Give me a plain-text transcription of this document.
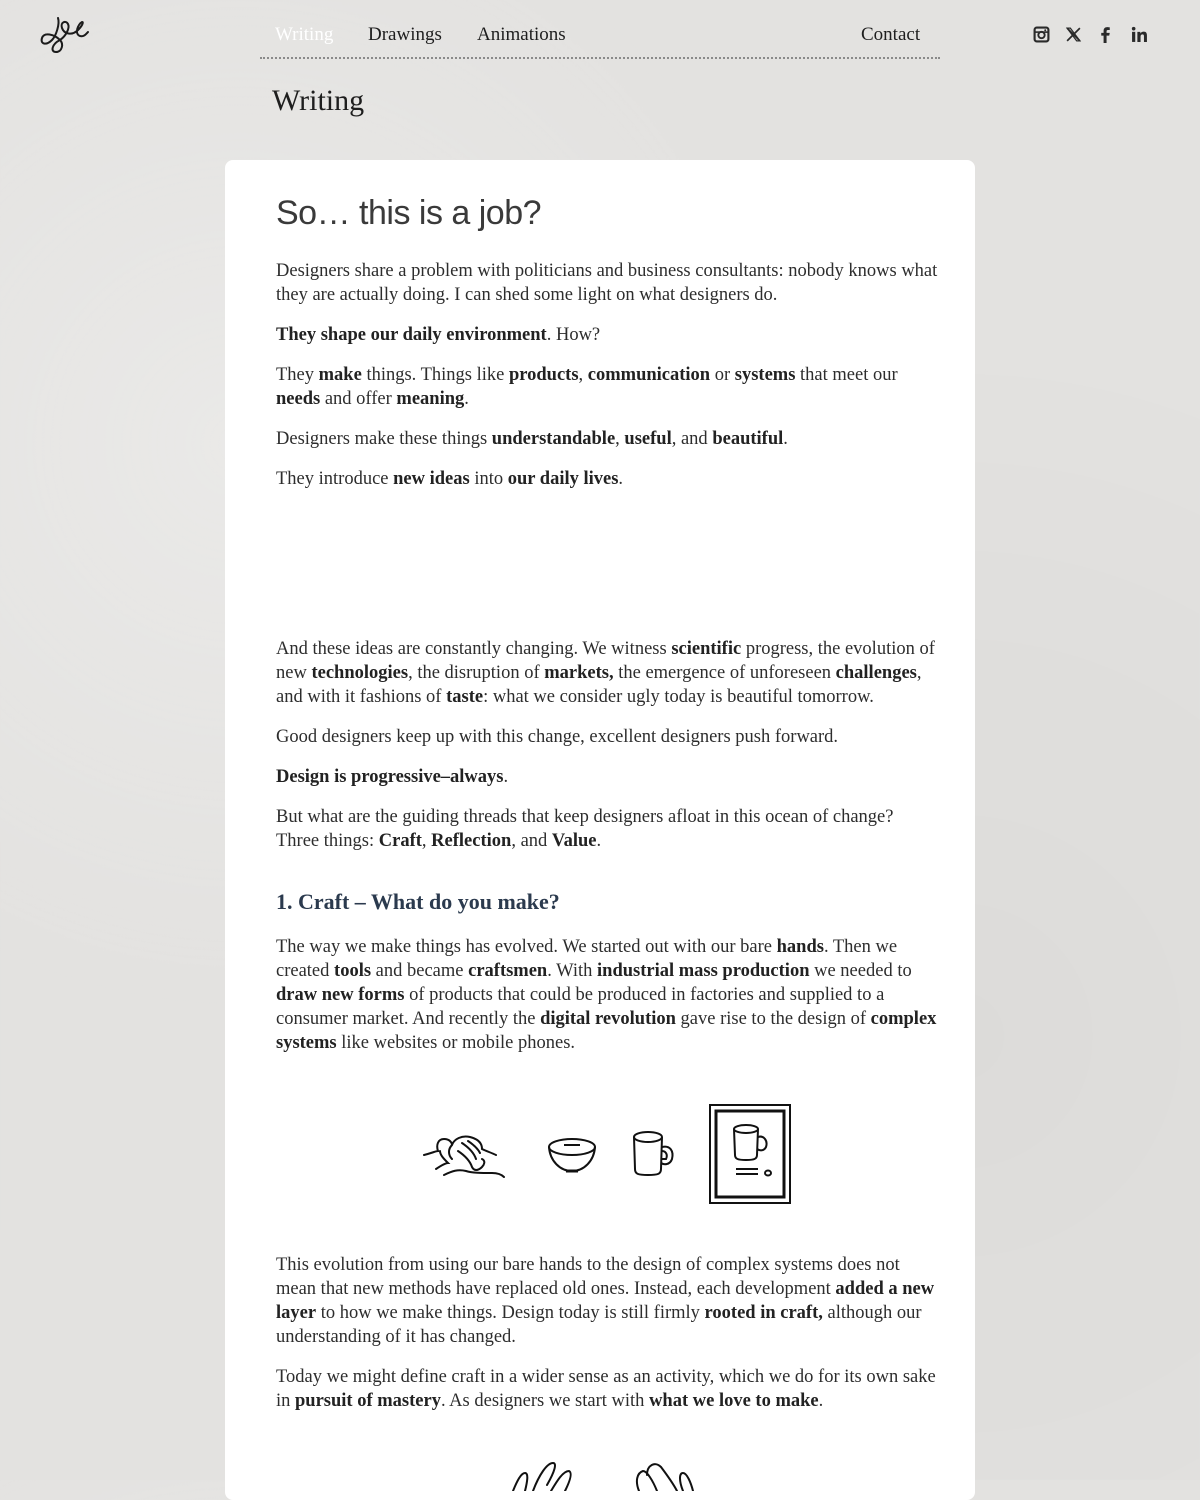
Writing Drawings Animations	Contact
Writing
So… this is a job?

Designers share a problem with politicians and business consultants: nobody knows what they are actually doing. I can shed some light on what designers do.

They shape our daily environment. How?

They make things. Things like products, communication or systems that meet our needs and offer meaning.

Designers make these things understandable, useful, and beautiful.

They introduce new ideas into our daily lives.

And these ideas are constantly changing. We witness scientific progress, the evolution of new technologies, the disruption of markets, the emergence of unforeseen challenges, and with it fashions of taste: what we consider ugly today is beautiful tomorrow.

Good designers keep up with this change, excellent designers push forward.

Design is progressive–always.

But what are the guiding threads that keep designers afloat in this ocean of change? Three things: Craft, Reflection, and Value.

1. Craft – What do you make?

The way we make things has evolved. We started out with our bare hands. Then we created tools and became craftsmen. With industrial mass production we needed to draw new forms of products that could be produced in factories and supplied to a consumer market. And recently the digital revolution gave rise to the design of complex systems like websites or mobile phones.

This evolution from using our bare hands to the design of complex systems does not mean that new methods have replaced old ones. Instead, each development added a new layer to how we make things. Design today is still firmly rooted in craft, although our understanding of it has changed.

Today we might define craft in a wider sense as an activity, which we do for its own sake in pursuit of mastery. As designers we start with what we love to make.
